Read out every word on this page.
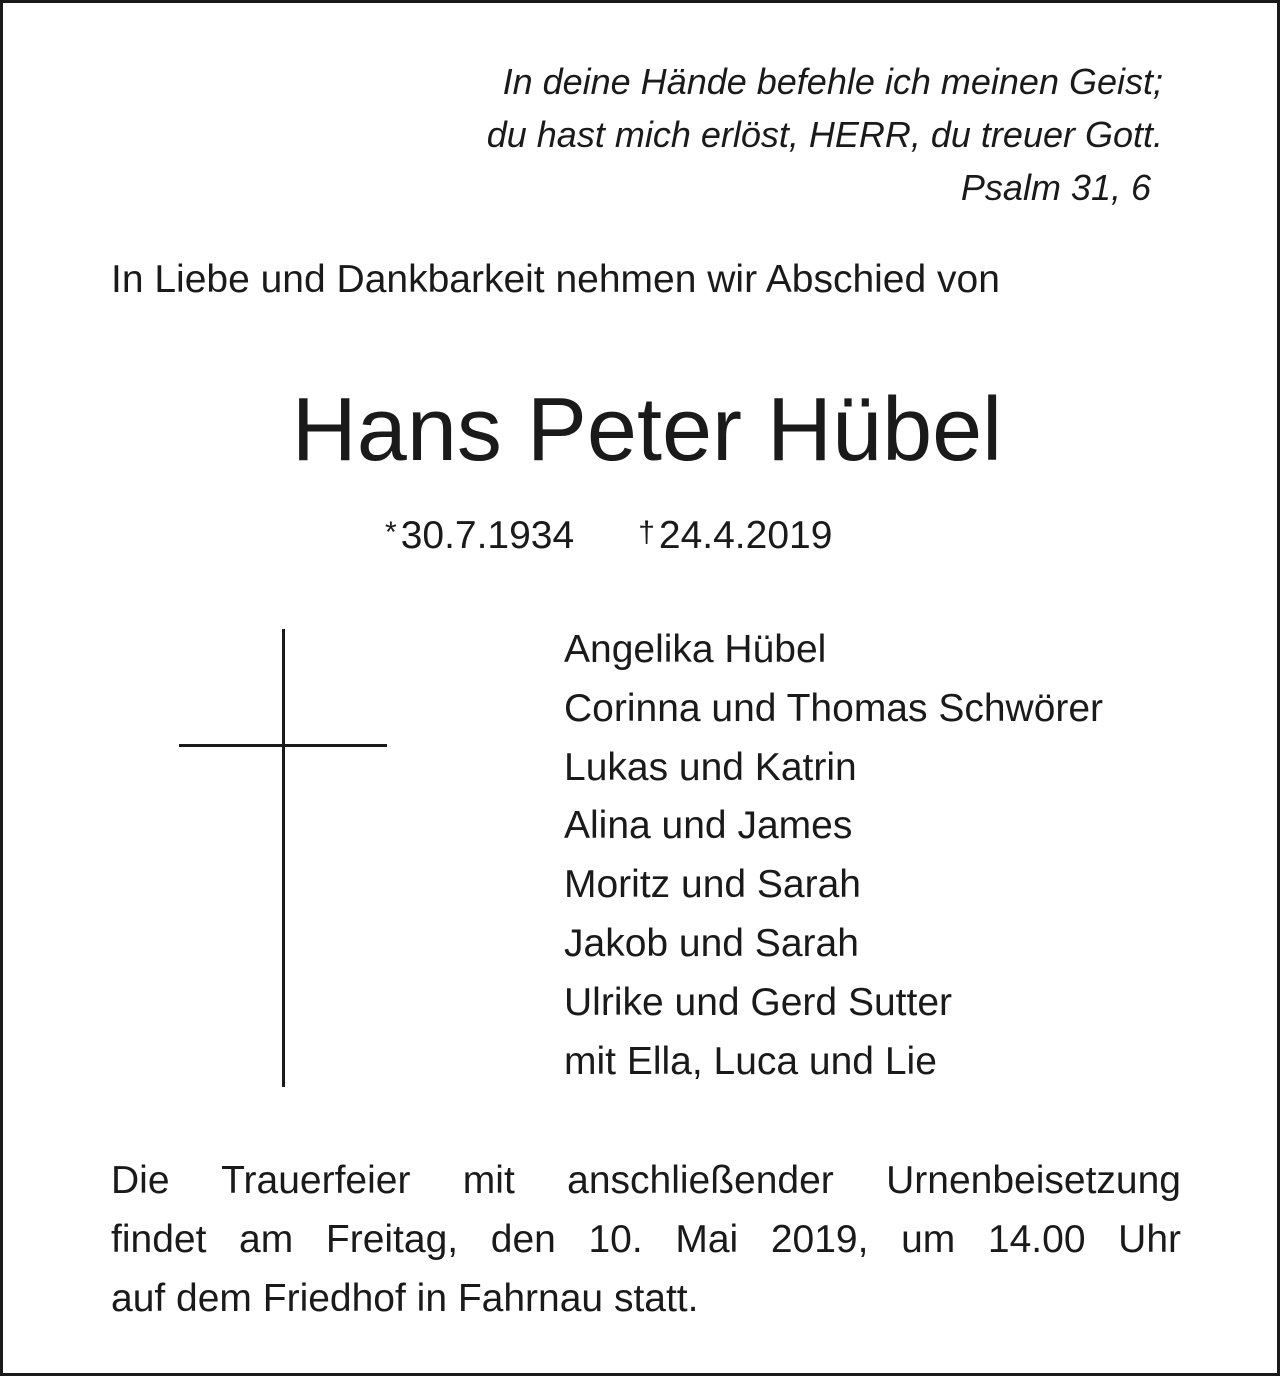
In deine Hände befehle ich meinen Geist;
du hast mich erlöst, HERR, du treuer Gott.
Psalm 31, 6
In Liebe und Dankbarkeit nehmen wir Abschied von
Hans Peter Hübel
* 30.7.1934 † 24.4.2019
Angelika Hübel
Corinna und Thomas Schwörer
Lukas und Katrin
Alina und James
Moritz und Sarah
Jakob und Sarah
Ulrike und Gerd Sutter
mit Ella, Luca und Lie
Die Trauerfeier mit anschließender Urnenbeisetzung
findet am Freitag, den 10. Mai 2019, um 14.00 Uhr
auf dem Friedhof in Fahrnau statt.
